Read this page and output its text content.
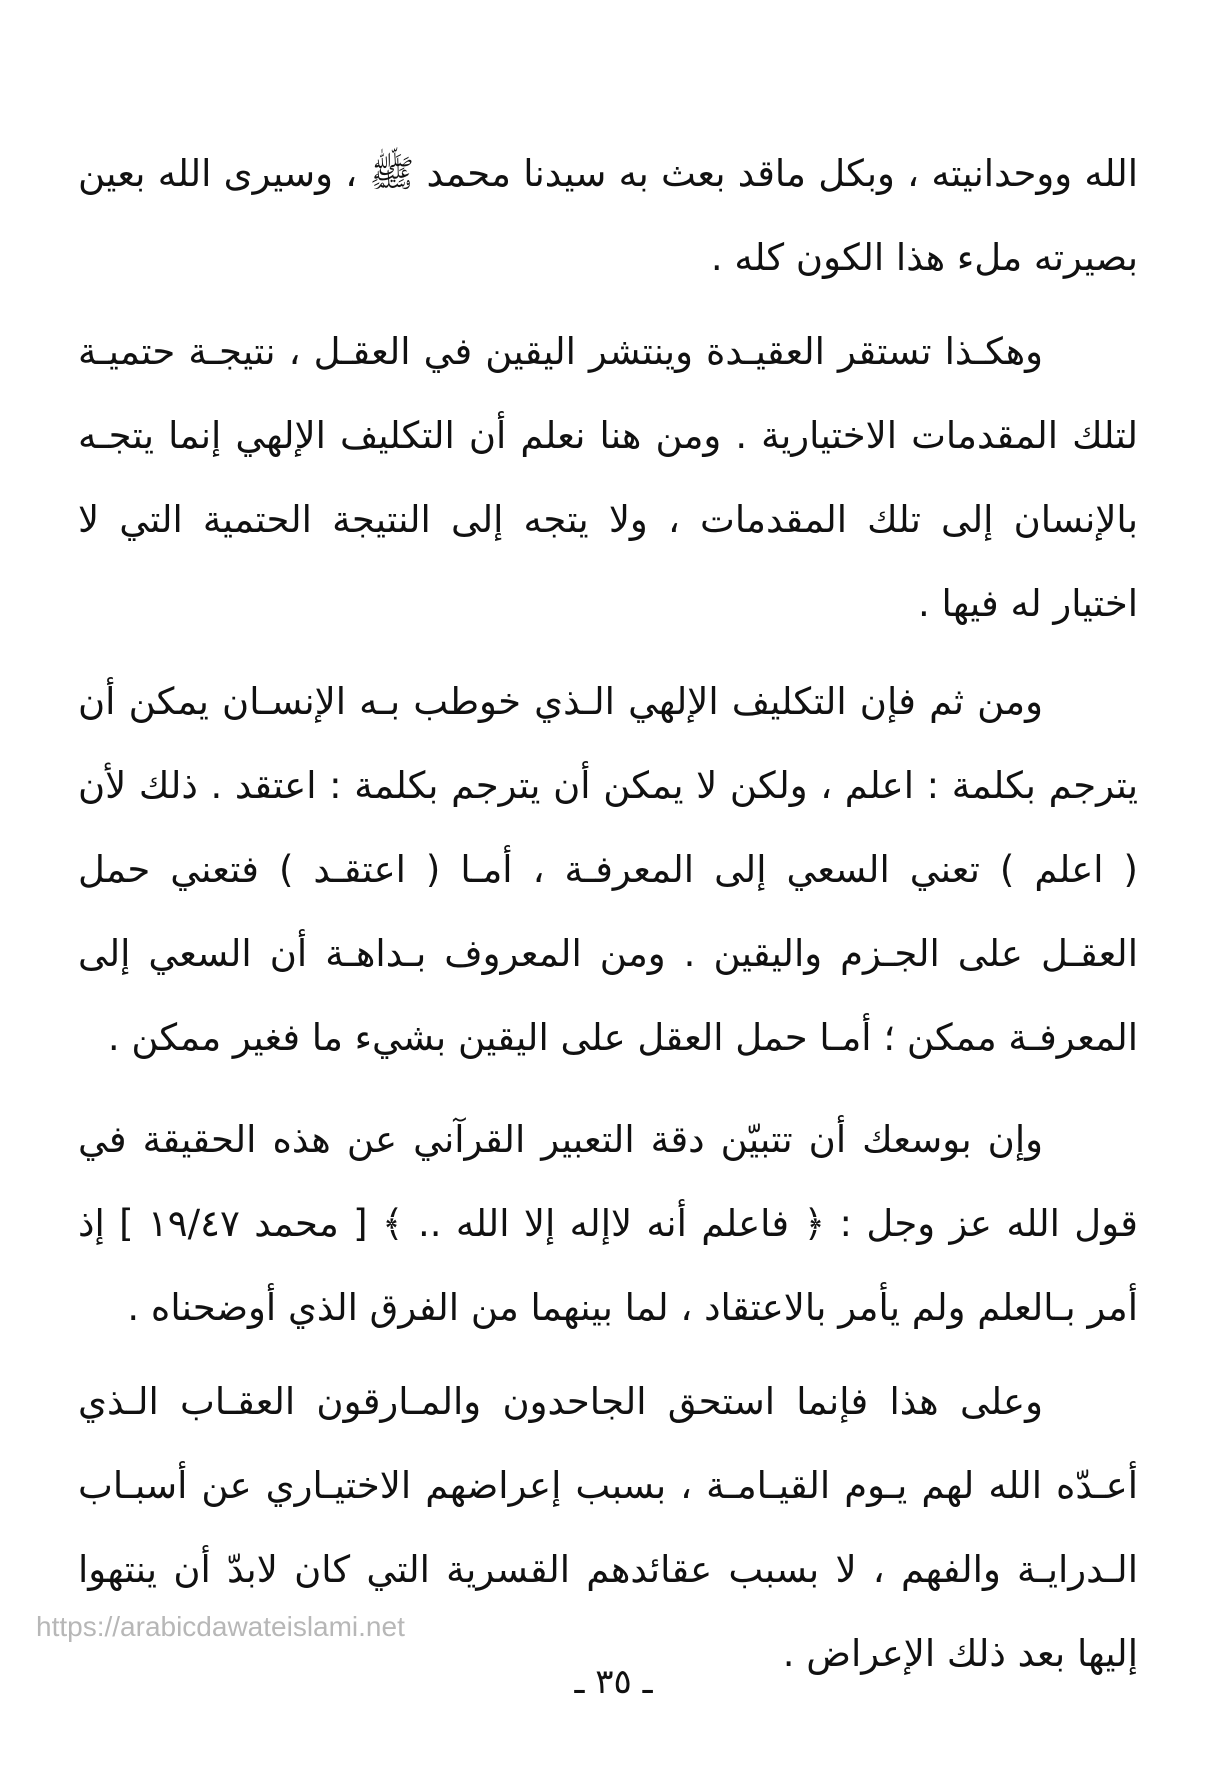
الله ووحدانيته ، وبكل ماقد بعث به سيدنا محمد ﷺ ، وسيرى الله بعين بصيرته ملء هذا الكون كله .

وهكـذا تستقر العقيـدة وينتشر اليقين في العقـل ، نتيجـة حتميـة لتلك المقدمات الاختيارية . ومن هنا نعلم أن التكليف الإلهي إنما يتجـه بالإنسان إلى تلك المقدمات ، ولا يتجه إلى النتيجة الحتمية التي لا اختيار له فيها .

ومن ثم فإن التكليف الإلهي الـذي خوطب بـه الإنسـان يمكن أن يترجم بكلمة : اعلم ، ولكن لا يمكن أن يترجم بكلمة : اعتقد . ذلك لأن ( اعلم ) تعني السعي إلى المعرفـة ، أمـا ( اعتقـد ) فتعني حمل العقـل على الجـزم واليقين . ومن المعروف بـداهـة أن السعي إلى المعرفـة ممكن ؛ أمـا حمل العقل على اليقين بشيء ما فغير ممكن .

وإن بوسعك أن تتبيّن دقة التعبير القرآني عن هذه الحقيقة في قول الله عز وجل : ﴿ فاعلم أنه لاإله إلا الله .. ﴾ [ محمد ١٩/٤٧ ] إذ أمر بـالعلم ولم يأمر بالاعتقاد ، لما بينهما من الفرق الذي أوضحناه .

وعلى هذا فإنما استحق الجاحدون والمـارقون العقـاب الـذي أعـدّه الله لهم يـوم القيـامـة ، بسبب إعراضهم الاختيـاري عن أسبـاب الـدرايـة والفهم ، لا بسبب عقائدهم القسرية التي كان لابدّ أن ينتهوا إليها بعد ذلك الإعراض .

https://arabicdawateislami.net
ـ ٣٥ ـ
